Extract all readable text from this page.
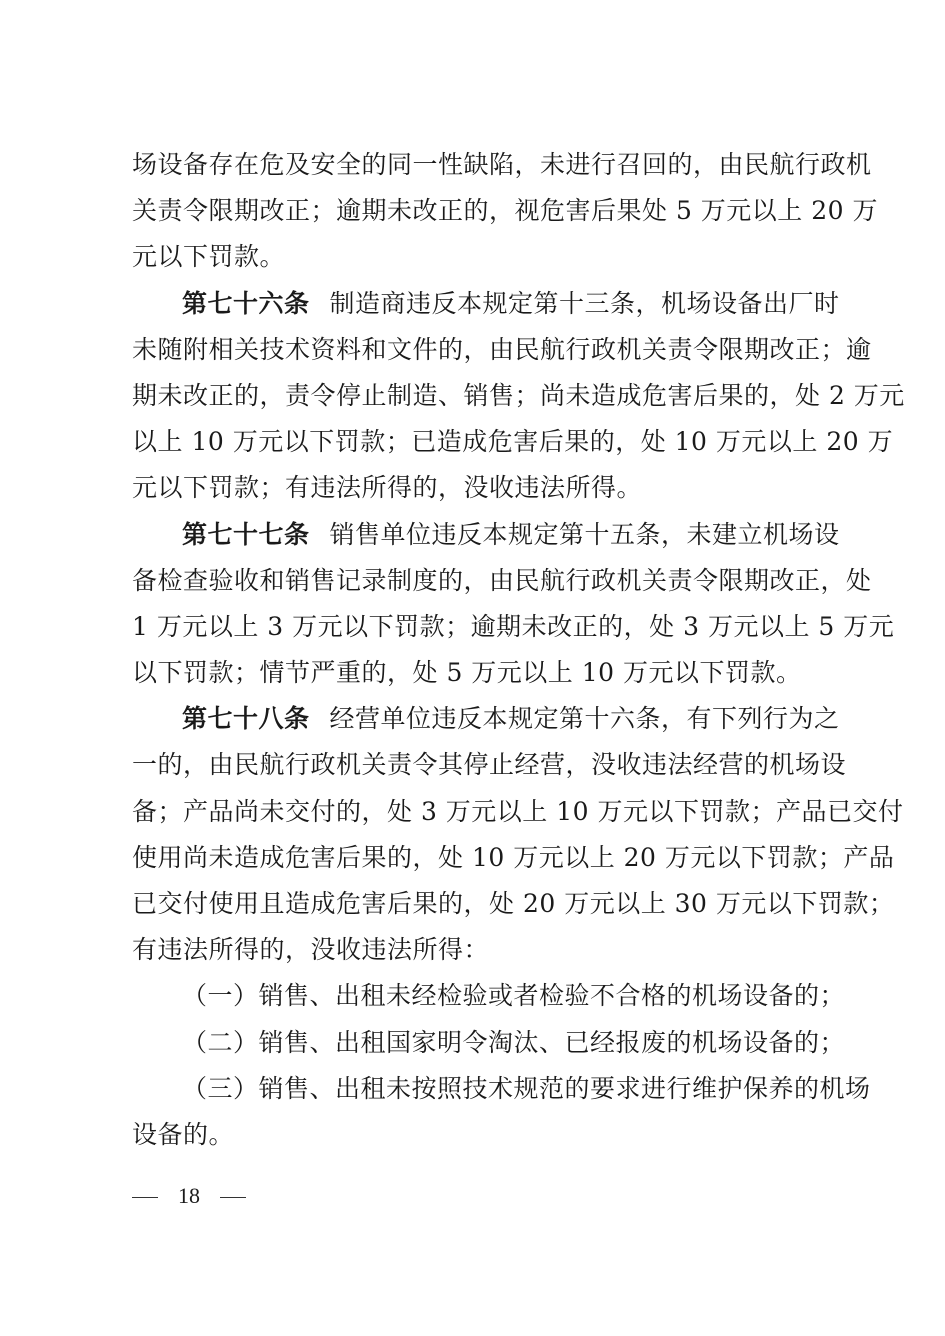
场设备存在危及安全的同一性缺陷，未进行召回的，由民航行政机
关责令限期改正；逾期未改正的，视危害后果处 5 万元以上 20 万
元以下罚款。
第七十六条 制造商违反本规定第十三条，机场设备出厂时
未随附相关技术资料和文件的，由民航行政机关责令限期改正；逾
期未改正的，责令停止制造、销售；尚未造成危害后果的，处 2 万元
以上 10 万元以下罚款；已造成危害后果的，处 10 万元以上 20 万
元以下罚款；有违法所得的，没收违法所得。
第七十七条 销售单位违反本规定第十五条，未建立机场设
备检查验收和销售记录制度的，由民航行政机关责令限期改正，处
1 万元以上 3 万元以下罚款；逾期未改正的，处 3 万元以上 5 万元
以下罚款；情节严重的，处 5 万元以上 10 万元以下罚款。
第七十八条 经营单位违反本规定第十六条，有下列行为之
一的，由民航行政机关责令其停止经营，没收违法经营的机场设
备；产品尚未交付的，处 3 万元以上 10 万元以下罚款；产品已交付
使用尚未造成危害后果的，处 10 万元以上 20 万元以下罚款；产品
已交付使用且造成危害后果的，处 20 万元以上 30 万元以下罚款；
有违法所得的，没收违法所得：
（一）销售、出租未经检验或者检验不合格的机场设备的；
（二）销售、出租国家明令淘汰、已经报废的机场设备的；
（三）销售、出租未按照技术规范的要求进行维护保养的机场
设备的。
18
